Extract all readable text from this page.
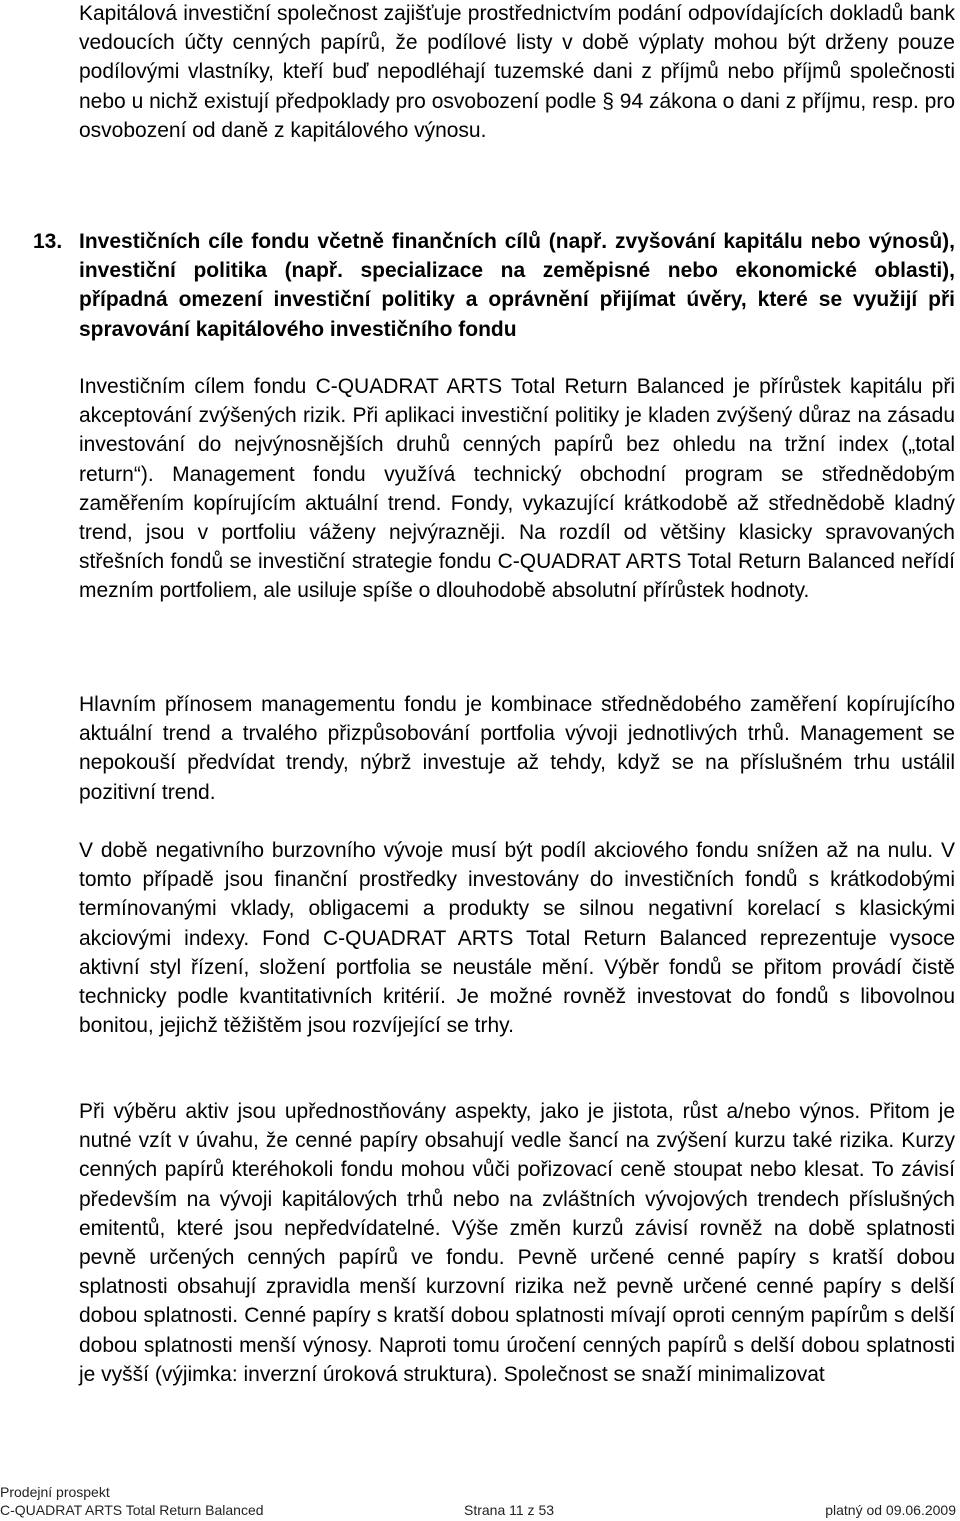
Kapitálová investiční společnost zajišťuje prostřednictvím podání odpovídajících dokladů bank vedoucích účty cenných papírů, že podílové listy v době výplaty mohou být drženy pouze podílovými vlastníky, kteří buď nepodléhají tuzemské dani z příjmů nebo příjmů společnosti nebo u nichž existují předpoklady pro osvobození podle § 94 zákona o dani z příjmu, resp. pro osvobození od daně z kapitálového výnosu.

13. Investičních cíle fondu včetně finančních cílů (např. zvyšování kapitálu nebo výnosů), investiční politika (např. specializace na zeměpisné nebo ekonomické oblasti), případná omezení investiční politiky a oprávnění přijímat úvěry, které se využijí při spravování kapitálového investičního fondu

Investičním cílem fondu C-QUADRAT ARTS Total Return Balanced je přírůstek kapitálu při akceptování zvýšených rizik. Při aplikaci investiční politiky je kladen zvýšený důraz na zásadu investování do nejvýnosnějších druhů cenných papírů bez ohledu na tržní index („total return“). Management fondu využívá technický obchodní program se střednědobým zaměřením kopírujícím aktuální trend. Fondy, vykazující krátkodobě až střednědobě kladný trend, jsou v portfoliu váženy nejvýrazněji. Na rozdíl od většiny klasicky spravovaných střešních fondů se investiční strategie fondu C-QUADRAT ARTS Total Return Balanced neřídí mezním portfoliem, ale usiluje spíše o dlouhodobě absolutní přírůstek hodnoty.

Hlavním přínosem managementu fondu je kombinace střednědobého zaměření kopírujícího aktuální trend a trvalého přizpůsobování portfolia vývoji jednotlivých trhů. Management se nepokouší předvídat trendy, nýbrž investuje až tehdy, když se na příslušném trhu ustálil pozitivní trend.

V době negativního burzovního vývoje musí být podíl akciového fondu snížen až na nulu. V tomto případě jsou finanční prostředky investovány do investičních fondů s krátkodobými termínovanými vklady, obligacemi a produkty se silnou negativní korelací s klasickými akciovými indexy. Fond C-QUADRAT ARTS Total Return Balanced reprezentuje vysoce aktivní styl řízení, složení portfolia se neustále mění. Výběr fondů se přitom provádí čistě technicky podle kvantitativních kritérií. Je možné rovněž investovat do fondů s libovolnou bonitou, jejichž těžištěm jsou rozvíjející se trhy.

Při výběru aktiv jsou upřednostňovány aspekty, jako je jistota, růst a/nebo výnos. Přitom je nutné vzít v úvahu, že cenné papíry obsahují vedle šancí na zvýšení kurzu také rizika. Kurzy cenných papírů kteréhokoli fondu mohou vůči pořizovací ceně stoupat nebo klesat. To závisí především na vývoji kapitálových trhů nebo na zvláštních vývojových trendech příslušných emitentů, které jsou nepředvídatelné. Výše změn kurzů závisí rovněž na době splatnosti pevně určených cenných papírů ve fondu. Pevně určené cenné papíry s kratší dobou splatnosti obsahují zpravidla menší kurzovní rizika než pevně určené cenné papíry s delší dobou splatnosti. Cenné papíry s kratší dobou splatnosti mívají oproti cenným papírům s delší dobou splatnosti menší výnosy. Naproti tomu úročení cenných papírů s delší dobou splatnosti je vyšší (výjimka: inverzní úroková struktura). Společnost se snaží minimalizovat

Prodejní prospekt
C-QUADRAT ARTS Total Return Balanced	Strana 11 z 53	platný od 09.06.2009
